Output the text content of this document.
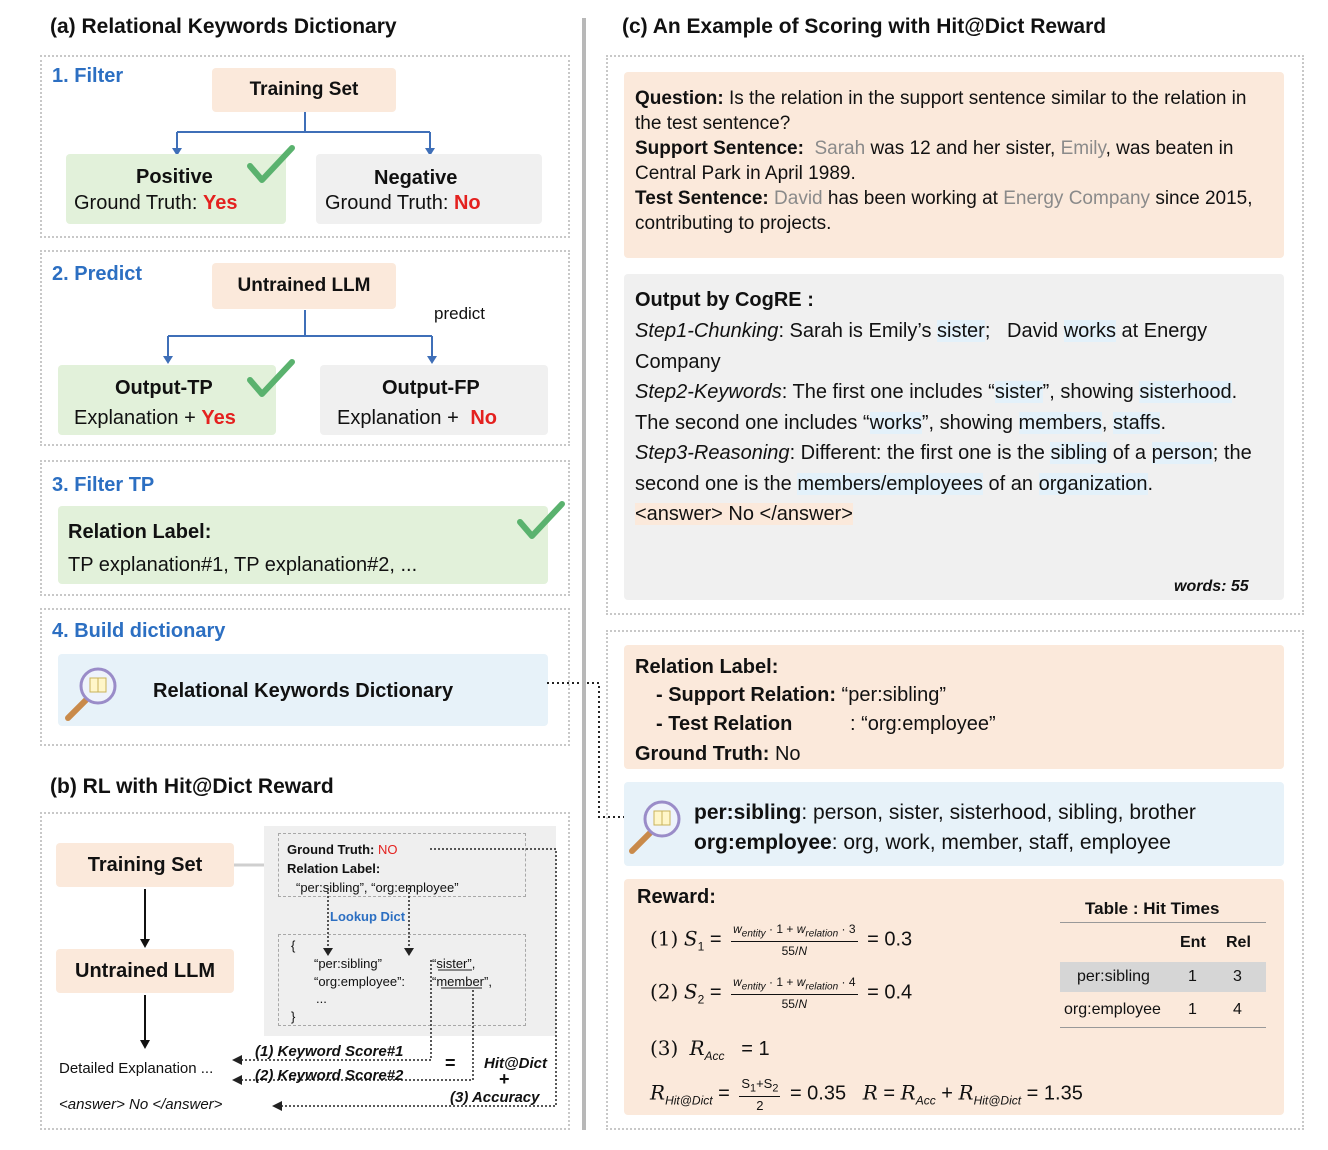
(a) Relational Keywords Dictionary
1. Filter
Training Set
Positive
Ground Truth: Yes
Negative
Ground Truth: No
2. Predict
Untrained LLM
predict
Output-TP
Explanation + Yes
Output-FP
Explanation + No
3. Filter TP
Relation Label:
TP explanation#1, TP explanation#2, ...
4. Build dictionary
Relational Keywords Dictionary
(b) RL with Hit@Dict Reward
Training Set
Untrained LLM
Ground Truth: NO
Relation Label:
“per:sibling”, “org:employee”
Lookup Dict
{
“per:sibling”	“sister”,
“org:employee”: “member”,
...
}
Detailed Explanation ...
<answer> No </answer>
(1) Keyword Score#1
(2) Keyword Score#2
(3) Accuracy
= Hit@Dict
+
(c) An Example of Scoring with Hit@Dict Reward
Question: Is the relation in the support sentence similar to the relation in the test sentence?
Support Sentence: Sarah was 12 and her sister, Emily, was beaten in Central Park in April 1989.
Test Sentence: David has been working at Energy Company since 2015, contributing to projects.
Output by CogRE :
Step1-Chunking: Sarah is Emily’s sister;   David works at Energy Company
Step2-Keywords: The first one includes “sister”, showing sisterhood. The second one includes “works”, showing members, staffs.
Step3-Reasoning: Different: the first one is the sibling of a person; the second one is the members/employees of an organization.
<answer> No </answer>
words: 55
Relation Label:
- Support Relation: “per:sibling”
- Test Relation	: “org:employee”
Ground Truth: No
per:sibling: person, sister, sisterhood, sibling, brother
org:employee: org, work, member, staff, employee
Reward:
(1) $S_1 = w_{entity} \cdot 1 + w_{relation} \cdot 3$
55/N
= 0.3
(2) $S_2 = w_{entity} \cdot 1 + w_{relation} \cdot 4$
55/N
= 0.4
(3) $R_{Acc} = 1$
$R_{Hit@Dict} = \frac{S_1+S_2}{2} = 0.35$ $R = R_{Acc} + R_{Hit@Dict} = 1.35$
Table : Hit Times
Ent Rel
per:sibling 1 3
org:employee 1 4
